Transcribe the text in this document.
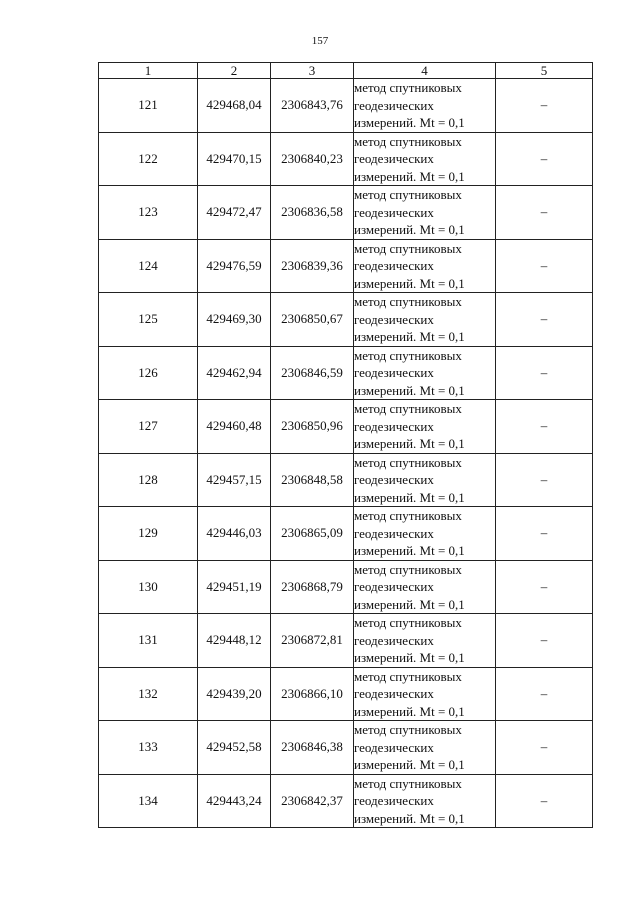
157
1	2	3	4	5
121	429468,04	2306843,76	метод спутниковых
геодезических
измерений. Mt = 0,1	–
122	429470,15	2306840,23	метод спутниковых
геодезических
измерений. Mt = 0,1	–
123	429472,47	2306836,58	метод спутниковых
геодезических
измерений. Mt = 0,1	–
124	429476,59	2306839,36	метод спутниковых
геодезических
измерений. Mt = 0,1	–
125	429469,30	2306850,67	метод спутниковых
геодезических
измерений. Mt = 0,1	–
126	429462,94	2306846,59	метод спутниковых
геодезических
измерений. Mt = 0,1	–
127	429460,48	2306850,96	метод спутниковых
геодезических
измерений. Mt = 0,1	–
128	429457,15	2306848,58	метод спутниковых
геодезических
измерений. Mt = 0,1	–
129	429446,03	2306865,09	метод спутниковых
геодезических
измерений. Mt = 0,1	–
130	429451,19	2306868,79	метод спутниковых
геодезических
измерений. Mt = 0,1	–
131	429448,12	2306872,81	метод спутниковых
геодезических
измерений. Mt = 0,1	–
132	429439,20	2306866,10	метод спутниковых
геодезических
измерений. Mt = 0,1	–
133	429452,58	2306846,38	метод спутниковых
геодезических
измерений. Mt = 0,1	–
134	429443,24	2306842,37	метод спутниковых
геодезических
измерений. Mt = 0,1	–
